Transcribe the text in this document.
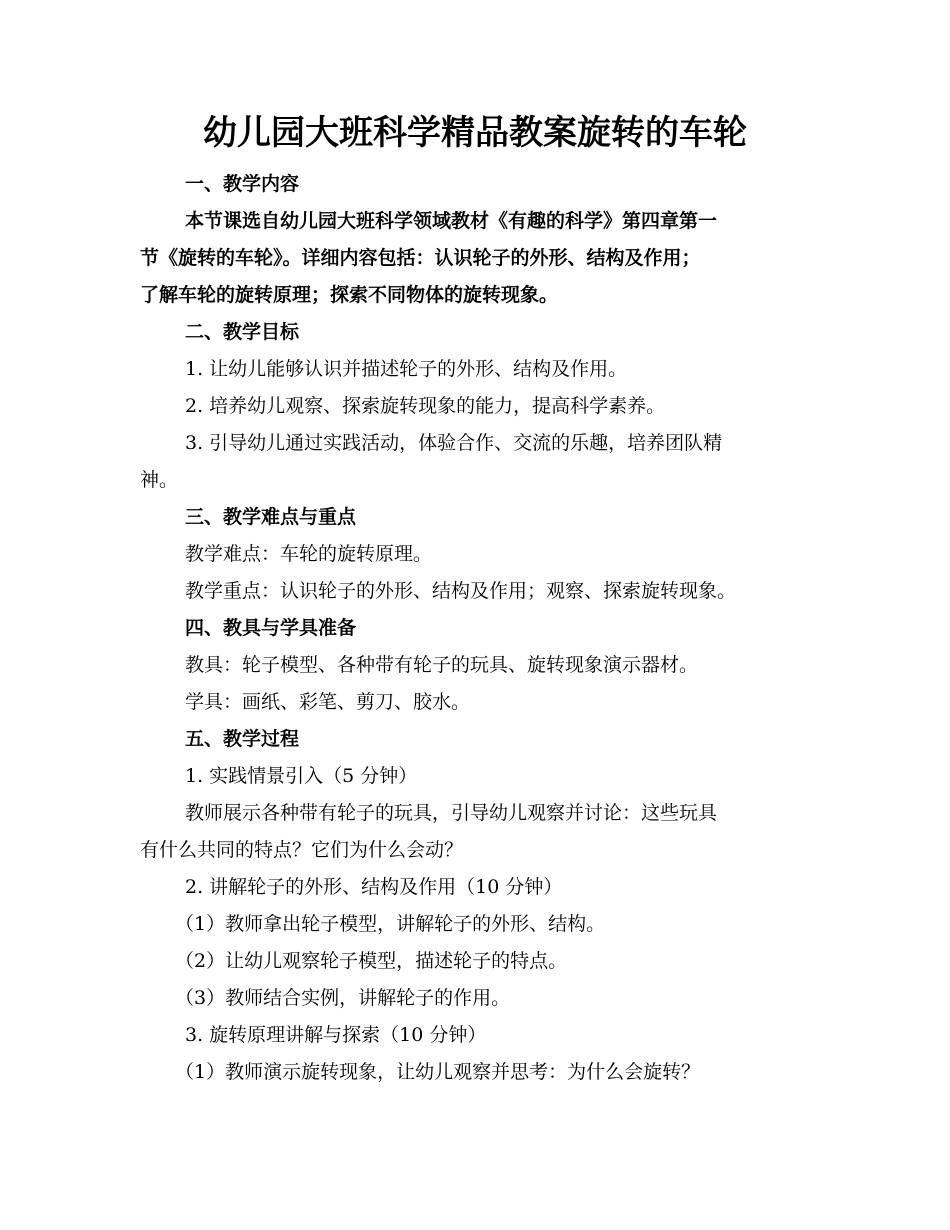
幼儿园大班科学精品教案旋转的车轮
一、教学内容
本节课选自幼儿园大班科学领域教材《有趣的科学》第四章第一
节《旋转的车轮》。详细内容包括：认识轮子的外形、结构及作用；
了解车轮的旋转原理；探索不同物体的旋转现象。
二、教学目标
1. 让幼儿能够认识并描述轮子的外形、结构及作用。
2. 培养幼儿观察、探索旋转现象的能力，提高科学素养。
3. 引导幼儿通过实践活动，体验合作、交流的乐趣，培养团队精
神。
三、教学难点与重点
教学难点：车轮的旋转原理。
教学重点：认识轮子的外形、结构及作用；观察、探索旋转现象。
四、教具与学具准备
教具：轮子模型、各种带有轮子的玩具、旋转现象演示器材。
学具：画纸、彩笔、剪刀、胶水。
五、教学过程
1. 实践情景引入（5 分钟）
教师展示各种带有轮子的玩具，引导幼儿观察并讨论：这些玩具
有什么共同的特点？它们为什么会动？
2. 讲解轮子的外形、结构及作用（10 分钟）
（1）教师拿出轮子模型，讲解轮子的外形、结构。
（2）让幼儿观察轮子模型，描述轮子的特点。
（3）教师结合实例，讲解轮子的作用。
3. 旋转原理讲解与探索（10 分钟）
（1）教师演示旋转现象，让幼儿观察并思考：为什么会旋转？
